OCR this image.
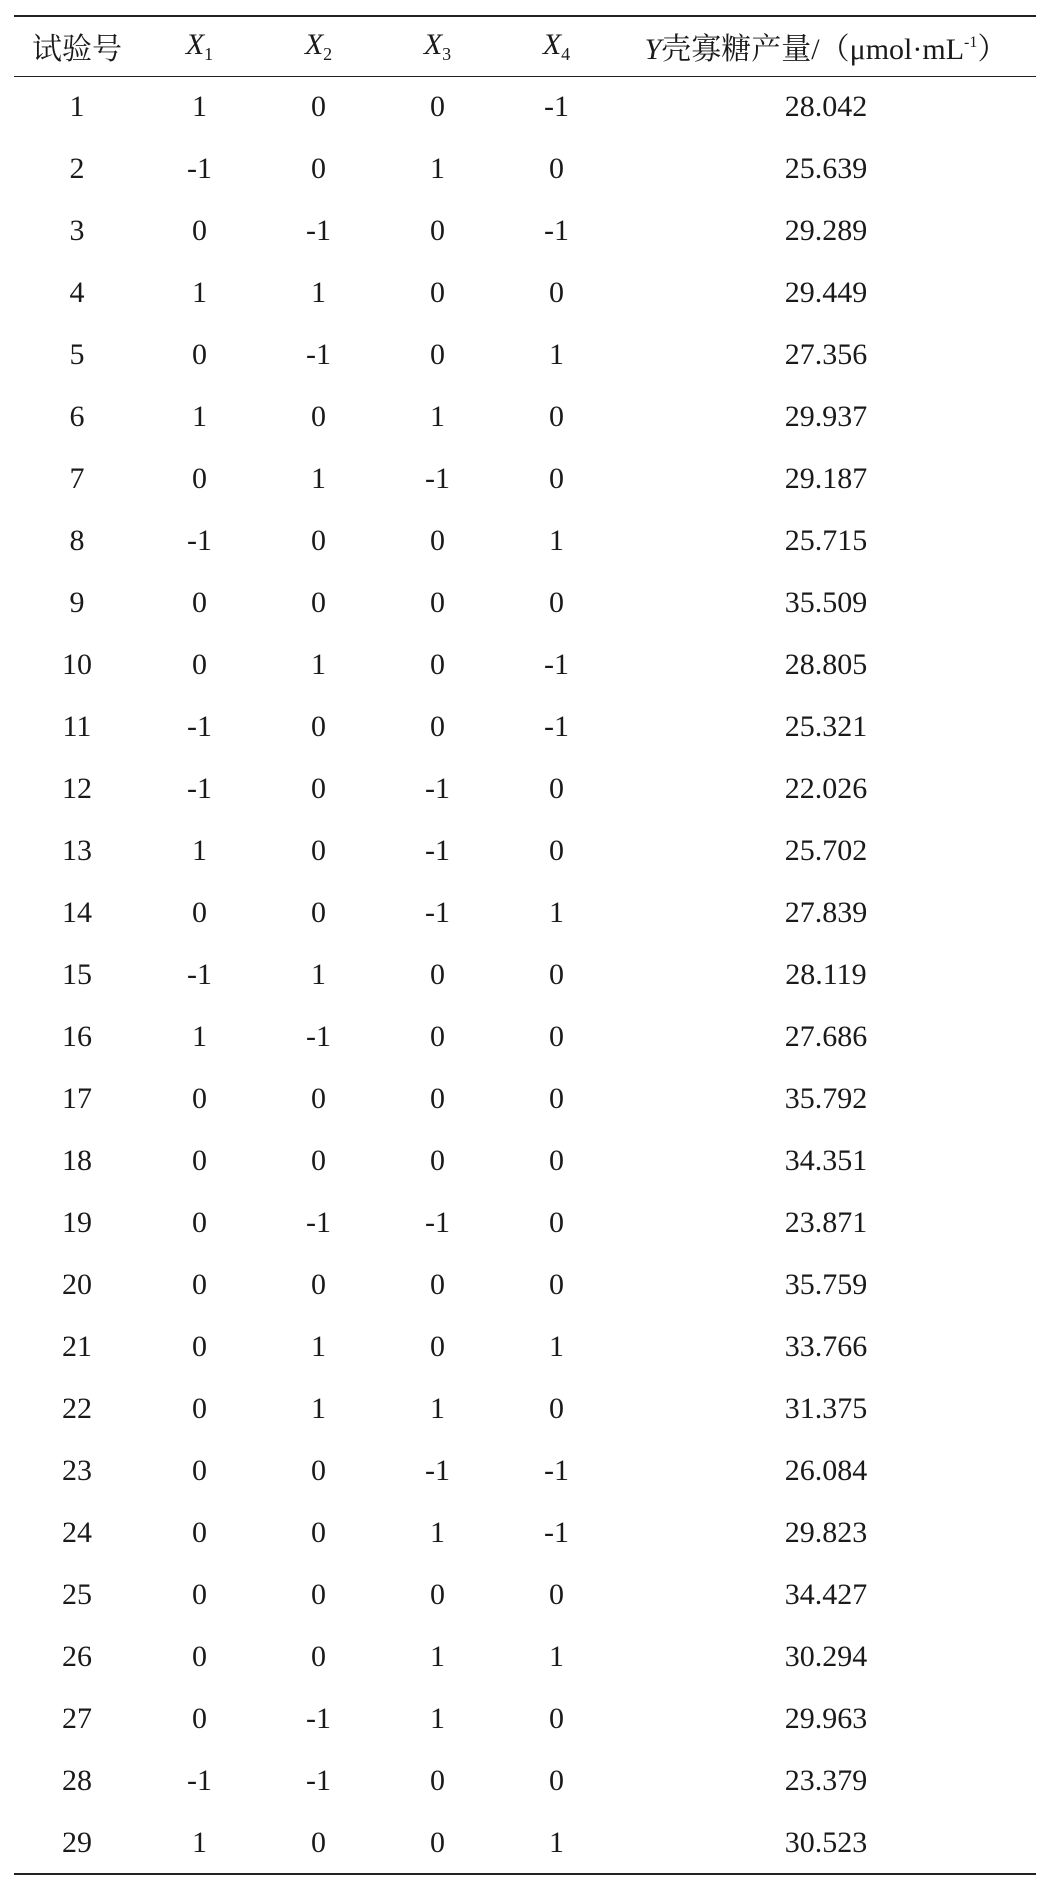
试验号	$X_1$	$X_2$	$X_3$	$X_4$	Y壳寡糖产量$/(\mu mol\cdot mL^{-1})$
1	1	0	0	-1	28.042
2	-1	0	1	0	25.639
3	0	-1	0	-1	29.289
4	1	1	0	0	29.449
5	0	-1	0	1	27.356
6	1	0	1	0	29.937
7	0	1	-1	0	29.187
8	-1	0	0	1	25.715
9	0	0	0	0	35.509
10	0	1	0	-1	28.805
11	-1	0	0	-1	25.321
12	-1	0	-1	0	22.026
13	1	0	-1	0	25.702
14	0	0	-1	1	27.839
15	-1	1	0	0	28.119
16	1	-1	0	0	27.686
17	0	0	0	0	35.792
18	0	0	0	0	34.351
19	0	-1	-1	0	23.871
20	0	0	0	0	35.759
21	0	1	0	1	33.766
22	0	1	1	0	31.375
23	0	0	-1	-1	26.084
24	0	0	1	-1	29.823
25	0	0	0	0	34.427
26	0	0	1	1	30.294
27	0	-1	1	0	29.963
28	-1	-1	0	0	23.379
29	1	0	0	1	30.523
